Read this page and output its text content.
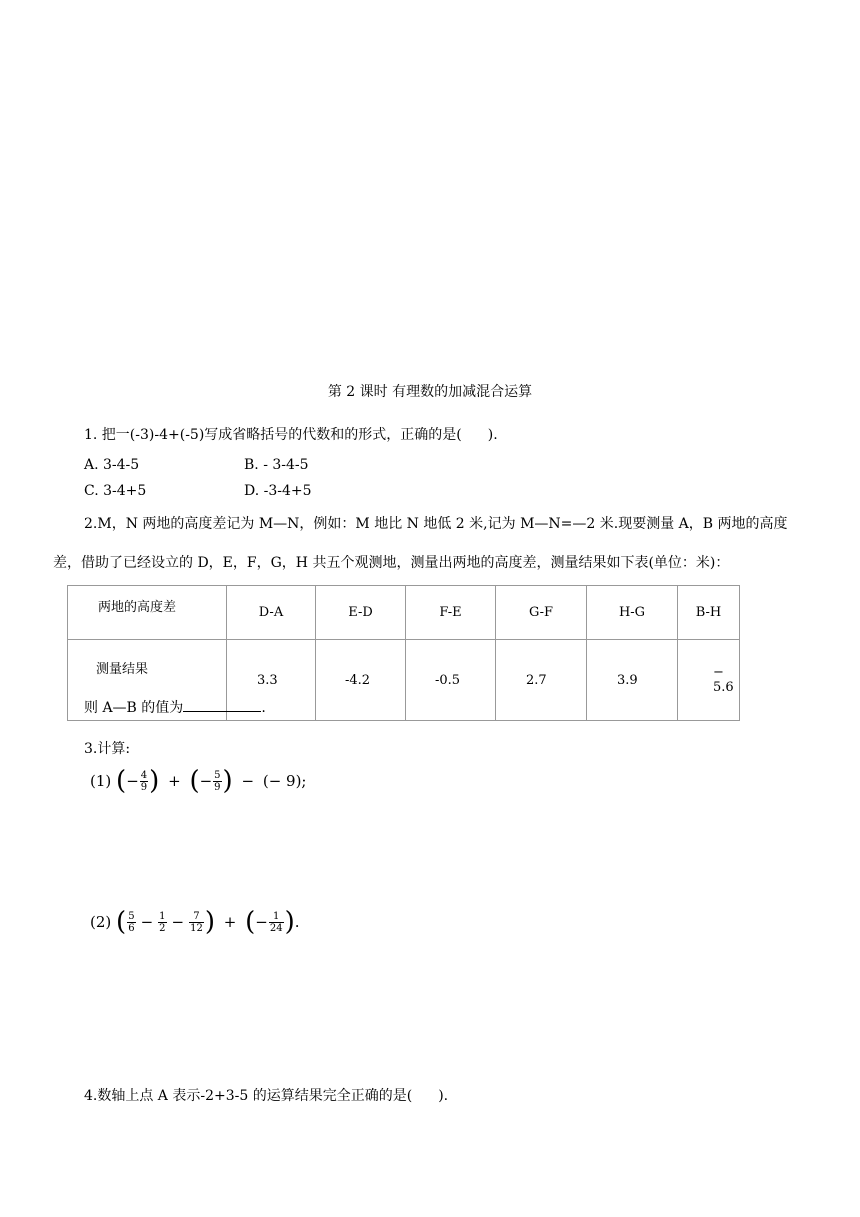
第 2 课时 有理数的加减混合运算
1. 把一(-3)-4+(-5)写成省略括号的代数和的形式，正确的是( ).
A. 3-4-5	B. - 3-4-5
C. 3-4+5	D. -3-4+5
2.M，N 两地的高度差记为 M—N，例如：M 地比 N 地低 2 米,记为 M—N=—2 米.现要测量 A，B 两地的高度
差，借助了已经设立的 D，E，F，G，H 共五个观测地，测量出两地的高度差，测量结果如下表(单位：米)：
两地的高度差	D-A	E-D	F-E	G-F	H-G	B-H
测量结果	3.3	-4.2	-0.5	2.7	3.9	− 5.6
则 A—B 的值为	.
3.计算:
(1) (− $\frac{4}{9}$ ) + (− $\frac{5}{9}$ ) − (− 9);
(2) ( $\frac{5}{6} - \frac{1}{2} - \frac{7}{12}$ ) + (− $\frac{1}{24}$ ).
4.数轴上点 A 表示-2+3-5 的运算结果完全正确的是( ).
